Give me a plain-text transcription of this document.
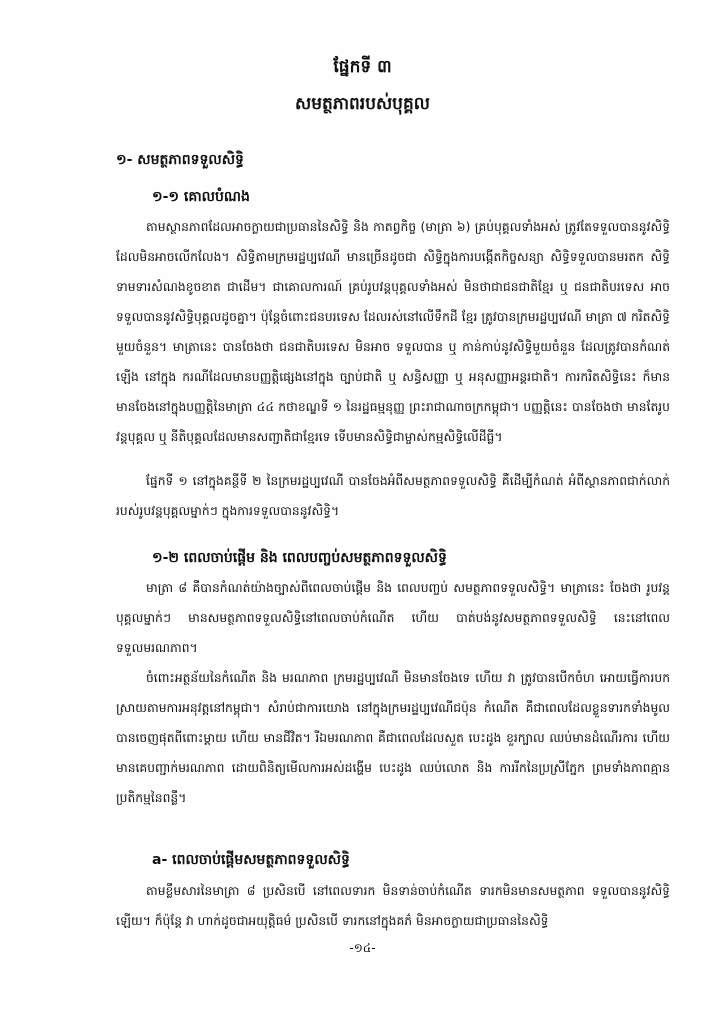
ផ្នែកទី ៣
សមត្ថភាពរបស់បុគ្គល
១- សមត្ថភាពទទួលសិទ្ធិ
១-១ គោលបំណង
តាមស្ថានភាពដែលអាចក្លាយជាប្រធាននៃសិទ្ធិ និង កាតព្វកិច្ច (មាត្រា ៦) គ្រប់បុគ្គលទាំងអស់ ត្រូវតែទទួលបាននូវសិទ្ធិដែលមិនអាចលើកលែង។ សិទ្ធិតាមក្រមរដ្ឋប្បវេណី មានច្រើនដូចជា សិទ្ធិក្នុងការបង្កើតកិច្ចសន្យា សិទ្ធិទទួលបានមរតក សិទ្ធិទាមទារសំណងខូចខាត ជាដើម។ ជាគោលការណ៍ គ្រប់រូបវន្តបុគ្គលទាំងអស់ មិនថាជាជនជាតិខ្មែរ ឬ ជនជាតិបរទេស អាចទទួលបាននូវសិទ្ធិបុគ្គលដូចគ្នា។ ប៉ុន្តែចំពោះជនបរទេស ដែលរស់នៅលើទឹកដី ខ្មែរ ត្រូវបានក្រមរដ្ឋប្បវេណី មាត្រា ៧ ករិតសិទ្ធិមួយចំនួន។ មាត្រានេះ បានចែងថា ជនជាតិបរទេស មិនអាច ទទួលបាន ឬ កាន់កាប់នូវសិទ្ធិមួយចំនួន ដែលត្រូវបានកំណត់ឡើង នៅក្នុង ករណីដែលមានបញ្ញត្តិផ្សេងនៅក្នុង ច្បាប់ជាតិ ឬ សន្ធិសញ្ញា ឬ អនុសញ្ញាអន្តរជាតិ។ ការករិតសិទ្ធិនេះ ក៏មានមានចែងនៅក្នុងបញ្ញត្តិនៃមាត្រា ៤៤ កថាខណ្ឌទី ១ នៃរដ្ឋធម្មនុញ្ញ ព្រះរាជាណាចក្រកម្ពុជា។ បញ្ញត្តិនេះ បានចែងថា មានតែរូបវន្តបុគ្គល ឬ នីតិបុគ្គលដែលមានសញ្ជាតិជាខ្មែរទេ ទើបមានសិទ្ធិជាម្ចាស់កម្មសិទ្ធិលើដីធ្លី។
ផ្នែកទី ១ នៅក្នុងគន្ថីទី ២ នៃក្រមរដ្ឋប្បវេណី បានចែងអំពីសមត្ថភាពទទួលសិទ្ធិ គឺដើម្បីកំណត់ អំពីស្ថានភាពជាក់លាក់របស់រូបវន្តបុគ្គលម្នាក់ៗ ក្នុងការទទួលបាននូវសិទ្ធិ។
១-២ ពេលចាប់ផ្តើម និង ពេលបញ្ចប់សមត្ថភាពទទួលសិទ្ធិ
មាត្រា ៨ គឺបានកំណត់យ៉ាងច្បាស់ពីពេលចាប់ផ្តើម និង ពេលបញ្ចប់ សមត្ថភាពទទួលសិទ្ធិ។ មាត្រានេះ ចែងថា រូបវន្តបុគ្គលម្នាក់ៗ មានសមត្ថភាពទទួលសិទ្ធិនៅពេលចាប់កំណើត ហើយ បាត់បង់នូវសមត្ថភាពទទួលសិទ្ធិ នេះនៅពេលទទួលមរណភាព។
ចំពោះអត្ថន័យនៃកំណើត និង មរណភាព ក្រមរដ្ឋប្បវេណី មិនមានចែងទេ ហើយ វា ត្រូវបានបើកចំហ អោយធ្វើការបកស្រាយតាមការអនុវត្តនៅកម្ពុជា។ សំរាប់ជាការយោង នៅក្នុងក្រមរដ្ឋប្បវេណីជប៉ុន កំណើត គឺជាពេលដែលខ្លួនទារកទាំងមូលបានចេញផុតពីពោះម្តាយ ហើយ មានជីវិត។ រីឯមរណភាព គឺជាពេលដែលសួត បេះដូង ខួរក្បាល ឈប់មានដំណើរការ ហើយមានគេបញ្ជាក់មរណភាព ដោយពិនិត្យមើលការអស់ដង្ហើម បេះដូង ឈប់លោត និង ការរីកនៃប្រស្រីភ្នែក ព្រមទាំងភាពគ្មានប្រតិកម្មនៃពន្លឺ។
a- ពេលចាប់ផ្តើមសមត្ថភាពទទួលសិទ្ធិ
តាមខ្លឹមសារនៃមាត្រា ៨ ប្រសិនបើ នៅពេលទារក មិនទាន់ចាប់កំណើត ទារកមិនមានសមត្ថភាព ទទួលបាននូវសិទ្ធិឡើយ។ ក៏ប៉ុន្តែ វា ហាក់ដូចជាអយុត្តិធម៌ ប្រសិនបើ ទារកនៅក្នុងគភ៌ មិនអាចក្លាយជាប្រធាននៃសិទ្ធិ
-១៤-
